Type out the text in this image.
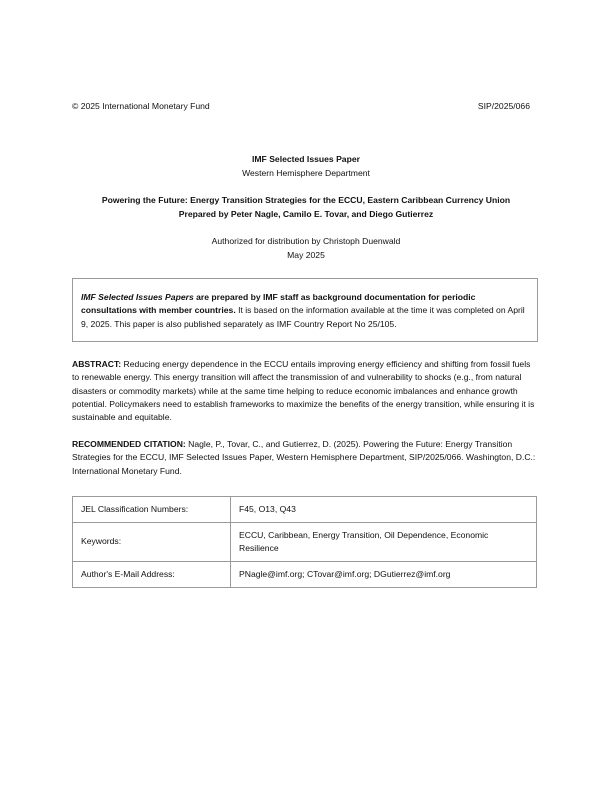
© 2025 International Monetary Fund	SIP/2025/066
IMF Selected Issues Paper
Western Hemisphere Department
Powering the Future: Energy Transition Strategies for the ECCU, Eastern Caribbean Currency Union
Prepared by Peter Nagle, Camilo E. Tovar, and Diego Gutierrez
Authorized for distribution by Christoph Duenwald
May 2025
IMF Selected Issues Papers are prepared by IMF staff as background documentation for periodic consultations with member countries. It is based on the information available at the time it was completed on April 9, 2025. This paper is also published separately as IMF Country Report No 25/105.
ABSTRACT: Reducing energy dependence in the ECCU entails improving energy efficiency and shifting from fossil fuels to renewable energy. This energy transition will affect the transmission of and vulnerability to shocks (e.g., from natural disasters or commodity markets) while at the same time helping to reduce economic imbalances and enhance growth potential. Policymakers need to establish frameworks to maximize the benefits of the energy transition, while ensuring it is sustainable and equitable.
RECOMMENDED CITATION: Nagle, P., Tovar, C., and Gutierrez, D. (2025). Powering the Future: Energy Transition Strategies for the ECCU, IMF Selected Issues Paper, Western Hemisphere Department, SIP/2025/066. Washington, D.C.: International Monetary Fund.
JEL Classification Numbers:	F45, O13, Q43
Keywords:	ECCU, Caribbean, Energy Transition, Oil Dependence, Economic Resilience
Author's E-Mail Address:	PNagle@imf.org; CTovar@imf.org; DGutierrez@imf.org
